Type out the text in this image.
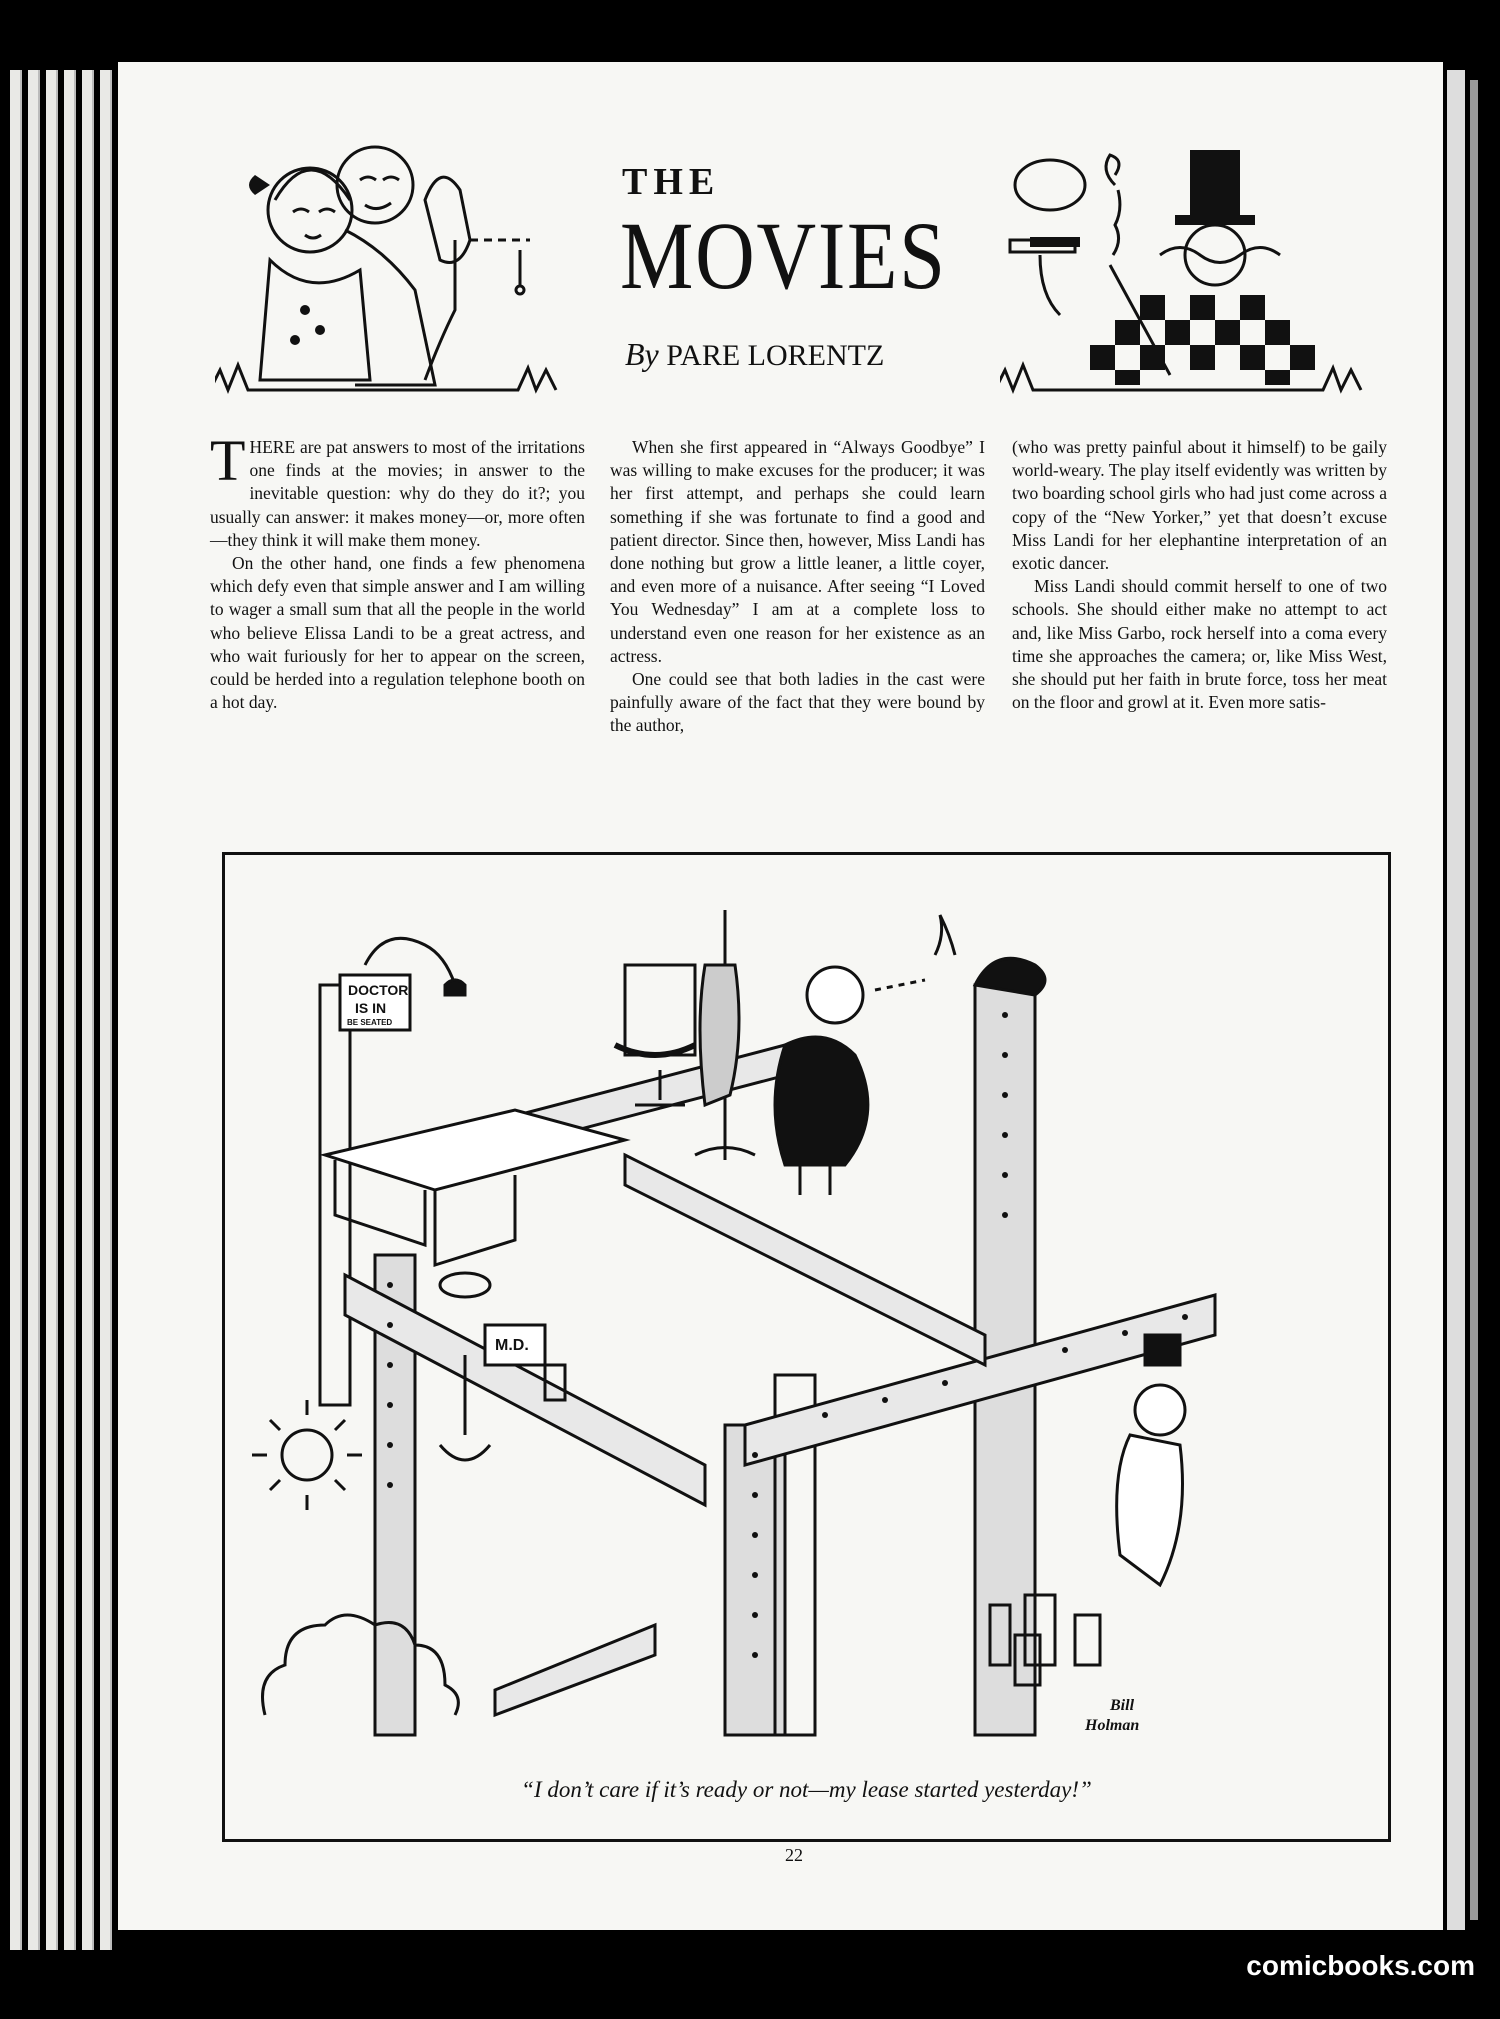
THE
MOVIES
By PARE LORENTZ

THERE are pat answers to most of the irritations one finds at the movies; in answer to the inevitable question: why do they do it?; you usually can answer: it makes money—or, more often—they think it will make them money.

On the other hand, one finds a few phenomena which defy even that simple answer and I am willing to wager a small sum that all the people in the world who believe Elissa Landi to be a great actress, and who wait furiously for her to appear on the screen, could be herded into a regulation telephone booth on a hot day.

When she first appeared in “Always Goodbye” I was willing to make excuses for the producer; it was her first attempt, and perhaps she could learn something if she was fortunate to find a good and patient director. Since then, however, Miss Landi has done nothing but grow a little leaner, a little coyer, and even more of a nuisance. After seeing “I Loved You Wednesday” I am at a complete loss to understand even one reason for her existence as an actress.

One could see that both ladies in the cast were painfully aware of the fact that they were bound by the author,

(who was pretty painful about it himself) to be gaily world-weary. The play itself evidently was written by two boarding school girls who had just come across a copy of the “New Yorker,” yet that doesn’t excuse Miss Landi for her elephantine interpretation of an exotic dancer.

Miss Landi should commit herself to one of two schools. She should either make no attempt to act and, like Miss Garbo, rock herself into a coma every time she approaches the camera; or, like Miss West, she should put her faith in brute force, toss her meat on the floor and growl at it. Even more satis-

DOCTOR
IS IN
BE SEATED
M.D.
Bill
Holman
“I don’t care if it’s ready or not—my lease started yesterday!”
22
comicbooks.com
